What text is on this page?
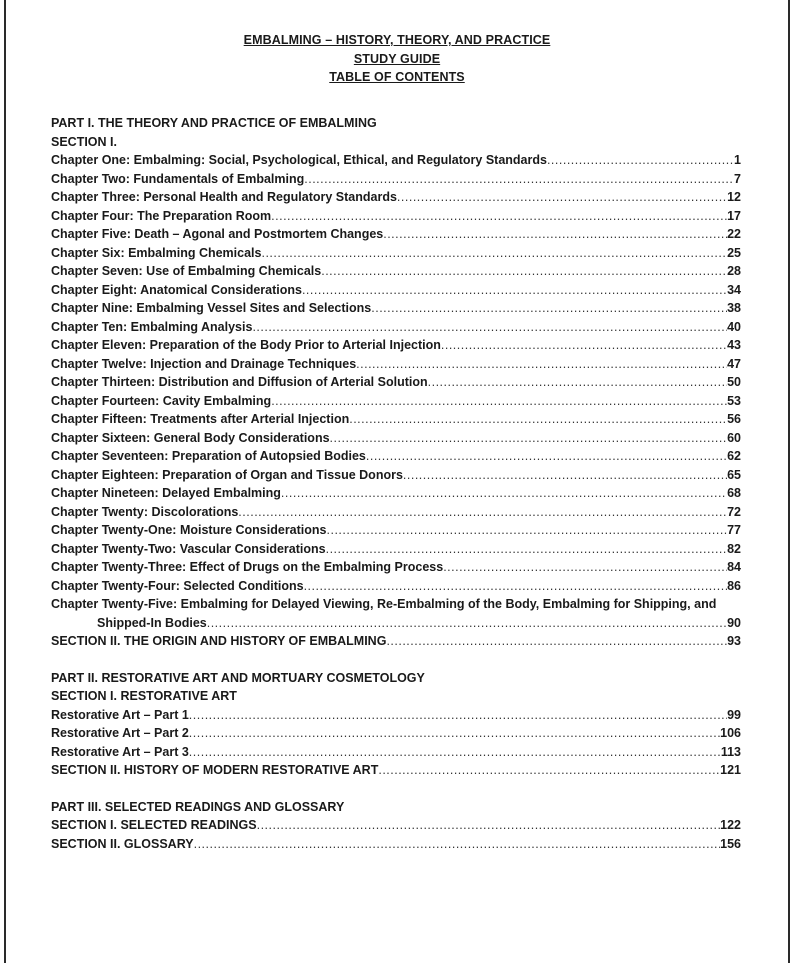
EMBALMING – HISTORY, THEORY, AND PRACTICE
STUDY GUIDE
TABLE OF CONTENTS
PART I. THE THEORY AND PRACTICE OF EMBALMING
SECTION I.
Chapter One: Embalming: Social, Psychological, Ethical, and Regulatory Standards .....	1
Chapter Two: Fundamentals of Embalming .....	7
Chapter Three: Personal Health and Regulatory Standards .....	12
Chapter Four: The Preparation Room .....	17
Chapter Five: Death – Agonal and Postmortem Changes .....	22
Chapter Six: Embalming Chemicals .....	25
Chapter Seven: Use of Embalming Chemicals .....	28
Chapter Eight: Anatomical Considerations .....	34
Chapter Nine: Embalming Vessel Sites and Selections .....	38
Chapter Ten: Embalming Analysis .....	40
Chapter Eleven: Preparation of the Body Prior to Arterial Injection .....	43
Chapter Twelve: Injection and Drainage Techniques .....	47
Chapter Thirteen: Distribution and Diffusion of Arterial Solution .....	50
Chapter Fourteen: Cavity Embalming .....	53
Chapter Fifteen: Treatments after Arterial Injection .....	56
Chapter Sixteen: General Body Considerations .....	60
Chapter Seventeen: Preparation of Autopsied Bodies .....	62
Chapter Eighteen: Preparation of Organ and Tissue Donors .....	65
Chapter Nineteen: Delayed Embalming .....	68
Chapter Twenty: Discolorations .....	72
Chapter Twenty-One: Moisture Considerations .....	77
Chapter Twenty-Two: Vascular Considerations .....	82
Chapter Twenty-Three: Effect of Drugs on the Embalming Process .....	84
Chapter Twenty-Four: Selected Conditions .....	86
Chapter Twenty-Five: Embalming for Delayed Viewing, Re-Embalming of the Body, Embalming for Shipping, and
Shipped-In Bodies .....	90
SECTION II. THE ORIGIN AND HISTORY OF EMBALMING .....	93
PART II. RESTORATIVE ART AND MORTUARY COSMETOLOGY
SECTION I. RESTORATIVE ART
Restorative Art – Part 1 .....	99
Restorative Art – Part 2 .....	106
Restorative Art – Part 3 .....	113
SECTION II. HISTORY OF MODERN RESTORATIVE ART .....	121
PART III. SELECTED READINGS AND GLOSSARY
SECTION I. SELECTED READINGS .....	122
SECTION II. GLOSSARY .....	156
